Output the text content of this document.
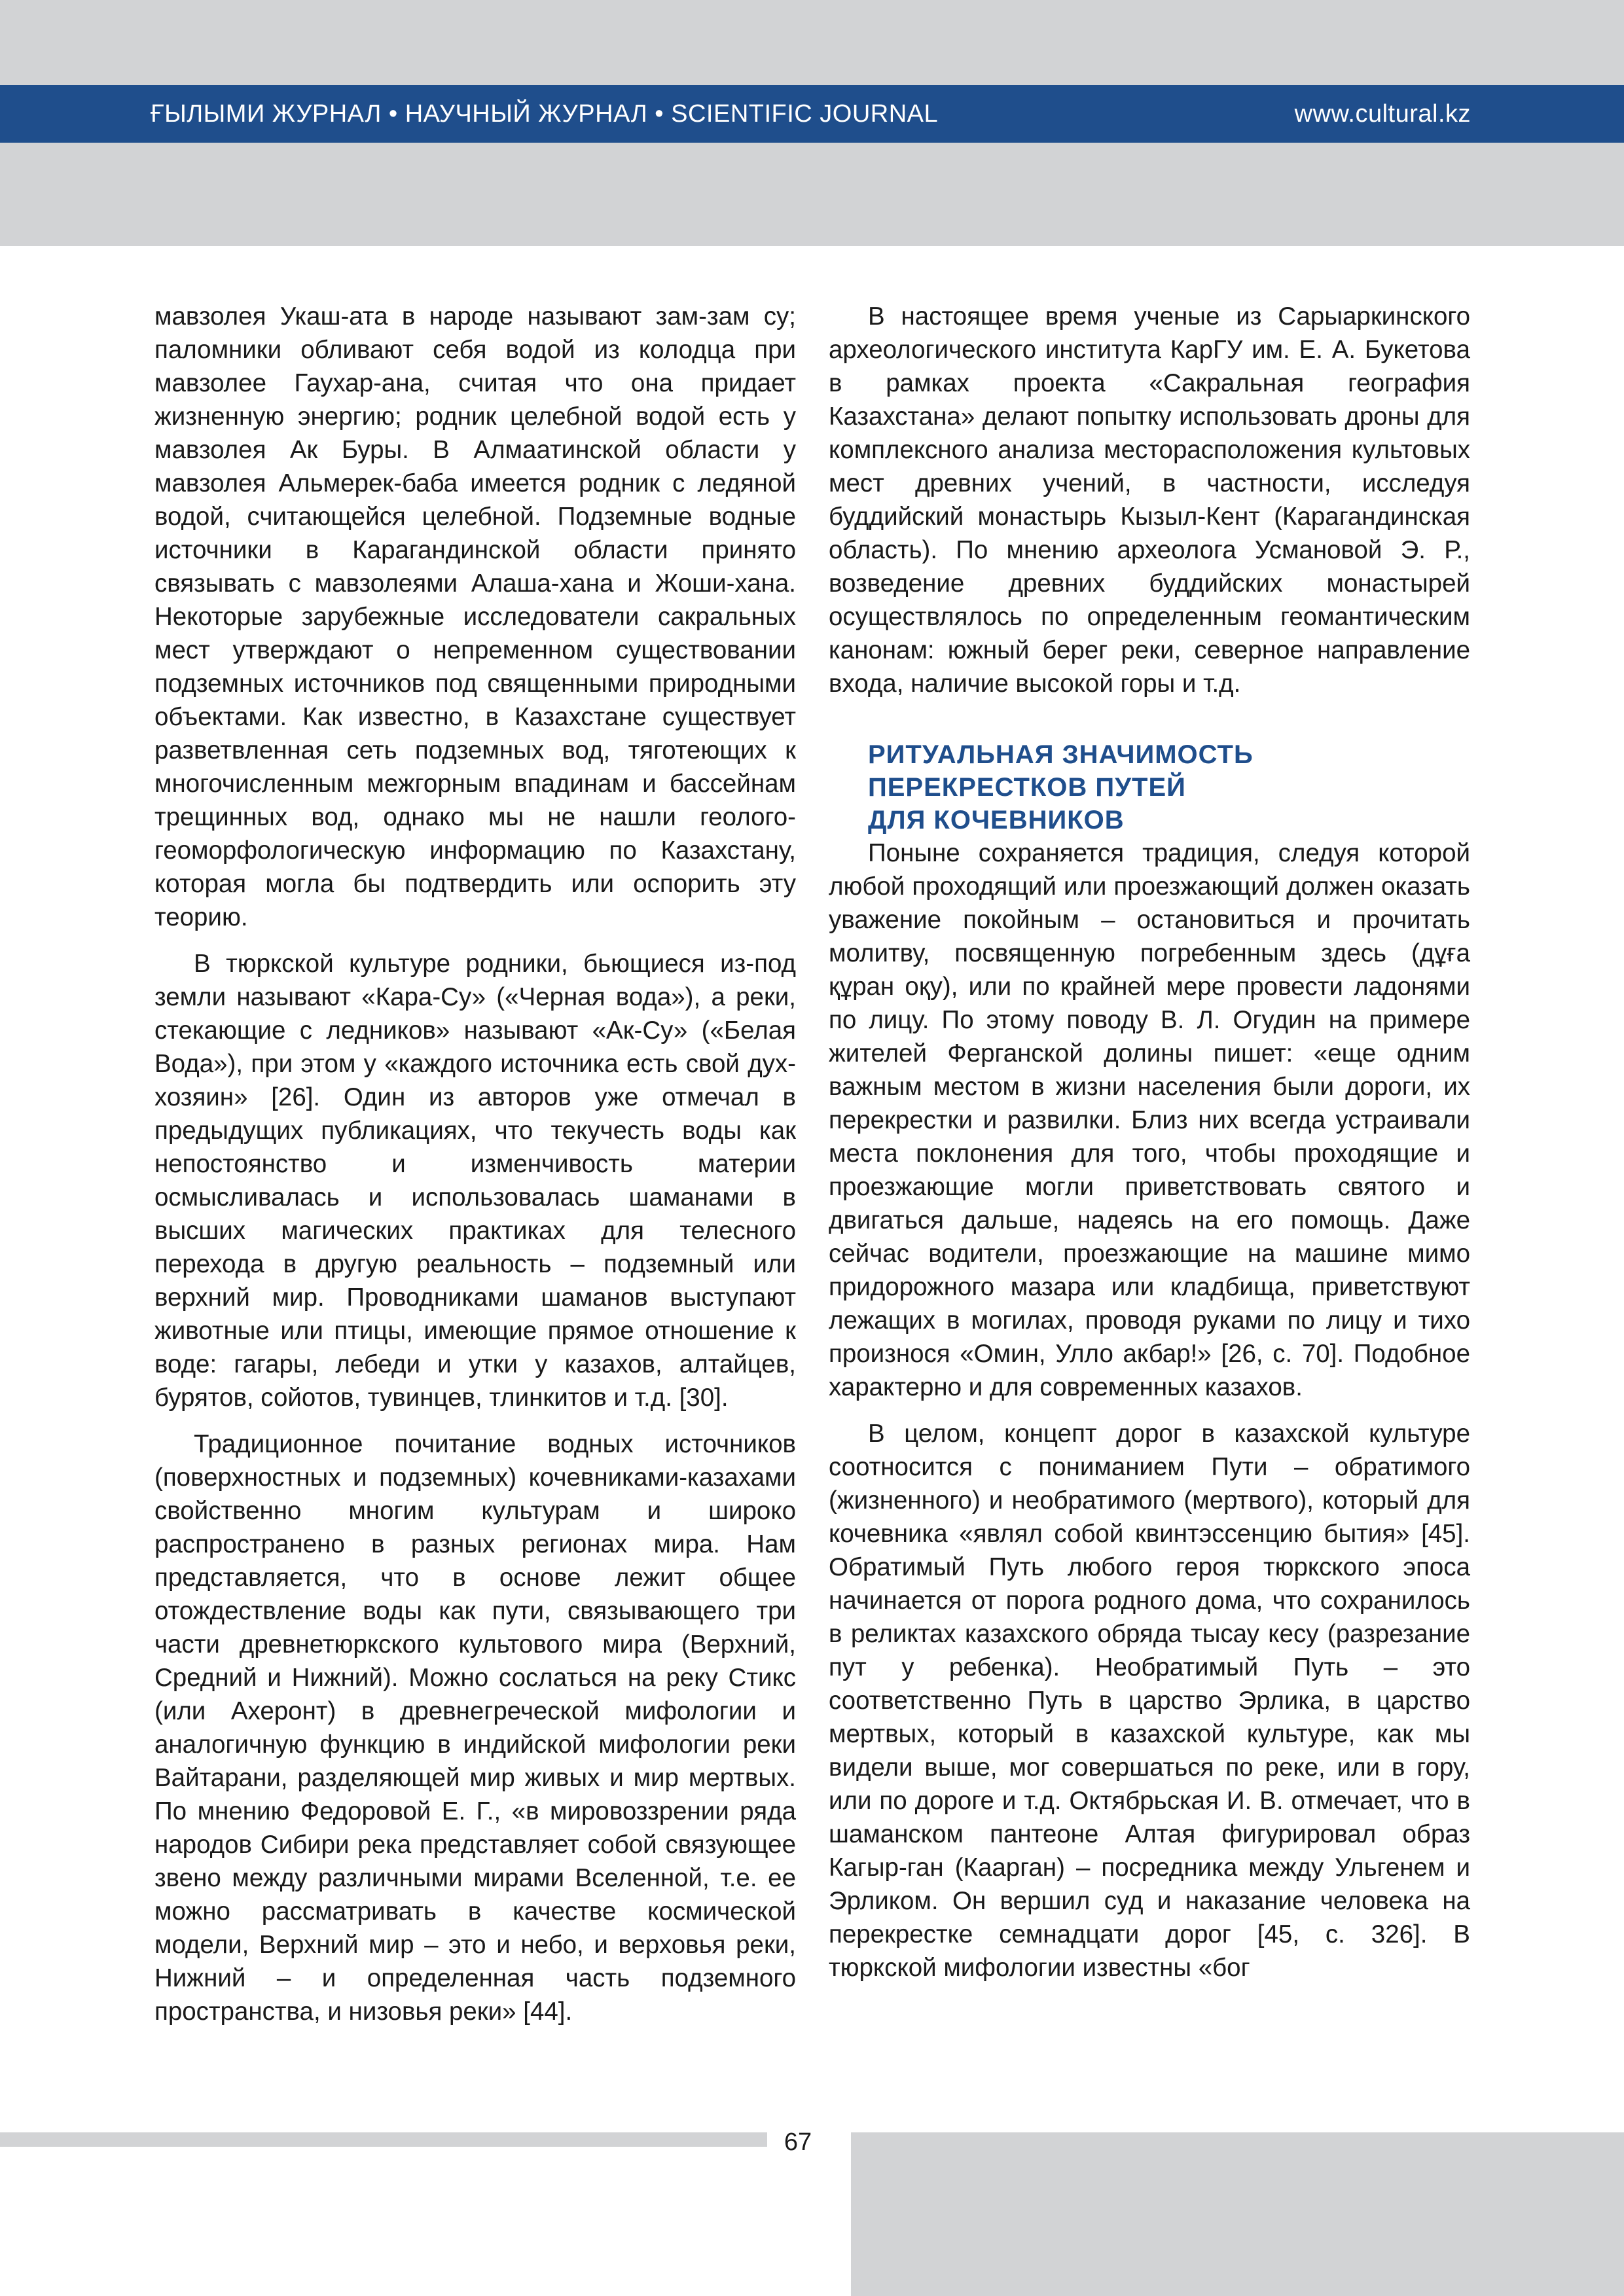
ҒЫЛЫМИ ЖУРНАЛ • НАУЧНЫЙ ЖУРНАЛ • SCIENTIFIC JOURNAL	www.cultural.kz

мавзолея Укаш-ата в народе называют зам-зам су; паломники обливают себя водой из колодца при мавзолее Гаухар-ана, считая что она придает жизненную энергию; родник целебной водой есть у мавзолея Ак Буры. В Алмаатинской области у мавзолея Альмерек-баба имеется родник с ледяной водой, считающейся целебной. Подземные водные источники в Карагандинской области принято связывать с мавзолеями Алаша-хана и Жоши-хана. Некоторые зарубежные исследователи сакральных мест утверждают о непременном существовании подземных источников под священными природными объектами. Как известно, в Казахстане существует разветвленная сеть подземных вод, тяготеющих к многочисленным межгорным впадинам и бассейнам трещинных вод, однако мы не нашли геолого-геоморфологическую информацию по Казахстану, которая могла бы подтвердить или оспорить эту теорию.

В тюркской культуре родники, бьющиеся из-под земли называют «Кара-Су» («Черная вода»), а реки, стекающие с ледников» называют «Ак-Су» («Белая Вода»), при этом у «каждого источника есть свой дух-хозяин» [26]. Один из авторов уже отмечал в предыдущих публикациях, что текучесть воды как непостоянство и изменчивость материи осмысливалась и использовалась шаманами в высших магических практиках для телесного перехода в другую реальность – подземный или верхний мир. Проводниками шаманов выступают животные или птицы, имеющие прямое отношение к воде: гагары, лебеди и утки у казахов, алтайцев, бурятов, сойотов, тувинцев, тлинкитов и т.д. [30].

Традиционное почитание водных источников (поверхностных и подземных) кочевниками-казахами свойственно многим культурам и широко распространено в разных регионах мира. Нам представляется, что в основе лежит общее отождествление воды как пути, связывающего три части древнетюркского культового мира (Верхний, Средний и Нижний). Можно сослаться на реку Стикс (или Ахеронт) в древнегреческой мифологии и аналогичную функцию в индийской мифологии реки Вайтарани, разделяющей мир живых и мир мертвых. По мнению Федоровой Е. Г., «в мировоззрении ряда народов Сибири река представляет собой связующее звено между различными мирами Вселенной, т.е. ее можно рассматривать в качестве космической модели, Верхний мир – это и небо, и верховья реки, Нижний – и определенная часть подземного пространства, и низовья реки» [44].

В настоящее время ученые из Сарыаркинского археологического института КарГУ им. Е. А. Букетова в рамках проекта «Сакральная география Казахстана» делают попытку использовать дроны для комплексного анализа месторасположения культовых мест древних учений, в частности, исследуя буддийский монастырь Кызыл-Кент (Карагандинская область). По мнению археолога Усмановой Э. Р., возведение древних буддийских монастырей осуществлялось по определенным геомантическим канонам: южный берег реки, северное направление входа, наличие высокой горы и т.д.

РИТУАЛЬНАЯ ЗНАЧИМОСТЬ
ПЕРЕКРЕСТКОВ ПУТЕЙ
ДЛЯ КОЧЕВНИКОВ

Поныне сохраняется традиция, следуя которой любой проходящий или проезжающий должен оказать уважение покойным – остановиться и прочитать молитву, посвященную погребенным здесь (дұға құран оқу), или по крайней мере провести ладонями по лицу. По этому поводу В. Л. Огудин на примере жителей Ферганской долины пишет: «еще одним важным местом в жизни населения были дороги, их перекрестки и развилки. Близ них всегда устраивали места поклонения для того, чтобы проходящие и проезжающие могли приветствовать святого и двигаться дальше, надеясь на его помощь. Даже сейчас водители, проезжающие на машине мимо придорожного мазара или кладбища, приветствуют лежащих в могилах, проводя руками по лицу и тихо произнося «Омин, Улло акбар!» [26, с. 70]. Подобное характерно и для современных казахов.

В целом, концепт дорог в казахской культуре соотносится с пониманием Пути – обратимого (жизненного) и необратимого (мертвого), который для кочевника «являл собой квинтэссенцию бытия» [45]. Обратимый Путь любого героя тюркского эпоса начинается от порога родного дома, что сохранилось в реликтах казахского обряда тысау кесу (разрезание пут у ребенка). Необратимый Путь – это соответственно Путь в царство Эрлика, в царство мертвых, который в казахской культуре, как мы видели выше, мог совершаться по реке, или в гору, или по дороге и т.д. Октябрьская И. В. отмечает, что в шаманском пантеоне Алтая фигурировал образ Кагыр-ган (Каарган) – посредника между Ульгенем и Эрликом. Он вершил суд и наказание человека на перекрестке семнадцати дорог [45, с. 326]. В тюркской мифологии известны «бог

67
